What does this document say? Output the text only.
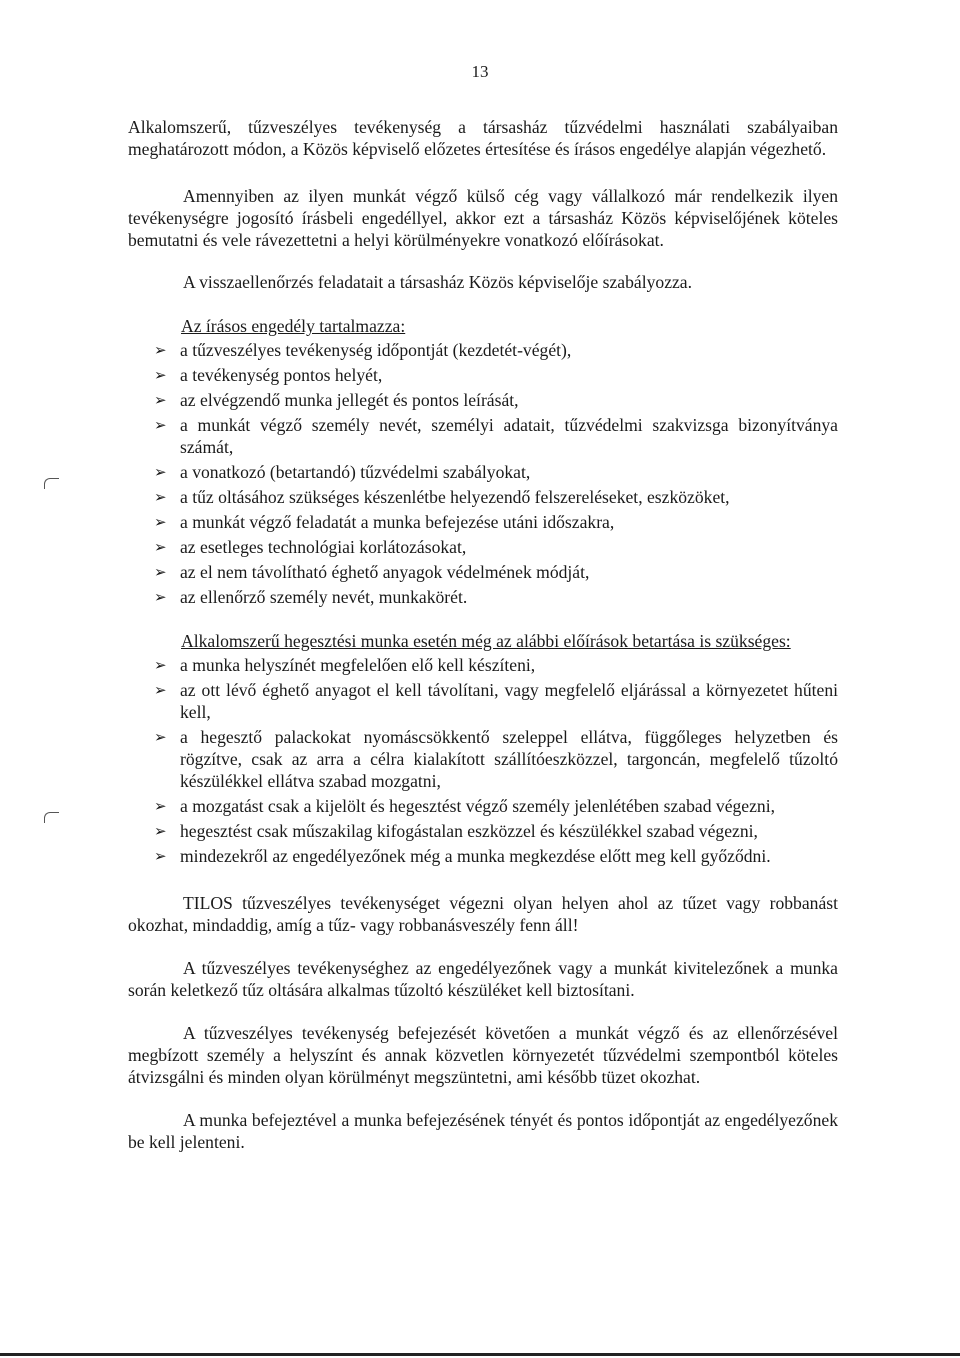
13

Alkalomszerű, tűzveszélyes tevékenység a társasház tűzvédelmi használati szabályaiban meghatározott módon, a Közös képviselő előzetes értesítése és írásos engedélye alapján végezhető.

Amennyiben az ilyen munkát végző külső cég vagy vállalkozó már rendelkezik ilyen tevékenységre jogosító írásbeli engedéllyel, akkor ezt a társasház Közös képviselőjének köteles bemutatni és vele rávezettetni a helyi körülményekre vonatkozó előírásokat.

A visszaellenőrzés feladatait a társasház Közös képviselője szabályozza.

Az írásos engedély tartalmazza:

➢ a tűzveszélyes tevékenység időpontját (kezdetét-végét),
➢ a tevékenység pontos helyét,
➢ az elvégzendő munka jellegét és pontos leírását,
➢ a munkát végző személy nevét, személyi adatait, tűzvédelmi szakvizsga bizonyítványa számát,
➢ a vonatkozó (betartandó) tűzvédelmi szabályokat,
➢ a tűz oltásához szükséges készenlétbe helyezendő felszereléseket, eszközöket,
➢ a munkát végző feladatát a munka befejezése utáni időszakra,
➢ az esetleges technológiai korlátozásokat,
➢ az el nem távolítható éghető anyagok védelmének módját,
➢ az ellenőrző személy nevét, munkakörét.

Alkalomszerű hegesztési munka esetén még az alábbi előírások betartása is szükséges:

➢ a munka helyszínét megfelelően elő kell készíteni,
➢ az ott lévő éghető anyagot el kell távolítani, vagy megfelelő eljárással a környezetet hűteni kell,
➢ a hegesztő palackokat nyomáscsökkentő szeleppel ellátva, függőleges helyzetben és rögzítve, csak az arra a célra kialakított szállítóeszközzel, targoncán, megfelelő tűzoltó készülékkel ellátva szabad mozgatni,
➢ a mozgatást csak a kijelölt és hegesztést végző személy jelenlétében szabad végezni,
➢ hegesztést csak műszakilag kifogástalan eszközzel és készülékkel szabad végezni,
➢ mindezekről az engedélyezőnek még a munka megkezdése előtt meg kell győződni.

TILOS tűzveszélyes tevékenységet végezni olyan helyen ahol az tűzet vagy robbanást okozhat, mindaddig, amíg a tűz- vagy robbanásveszély fenn áll!

A tűzveszélyes tevékenységhez az engedélyezőnek vagy a munkát kivitelezőnek a munka során keletkező tűz oltására alkalmas tűzoltó készüléket kell biztosítani.

A tűzveszélyes tevékenység befejezését követően a munkát végző és az ellenőrzésével megbízott személy a helyszínt és annak közvetlen környezetét tűzvédelmi szempontból köteles átvizsgálni és minden olyan körülményt megszüntetni, ami később tüzet okozhat.

A munka befejeztével a munka befejezésének tényét és pontos időpontját az engedélyezőnek be kell jelenteni.
